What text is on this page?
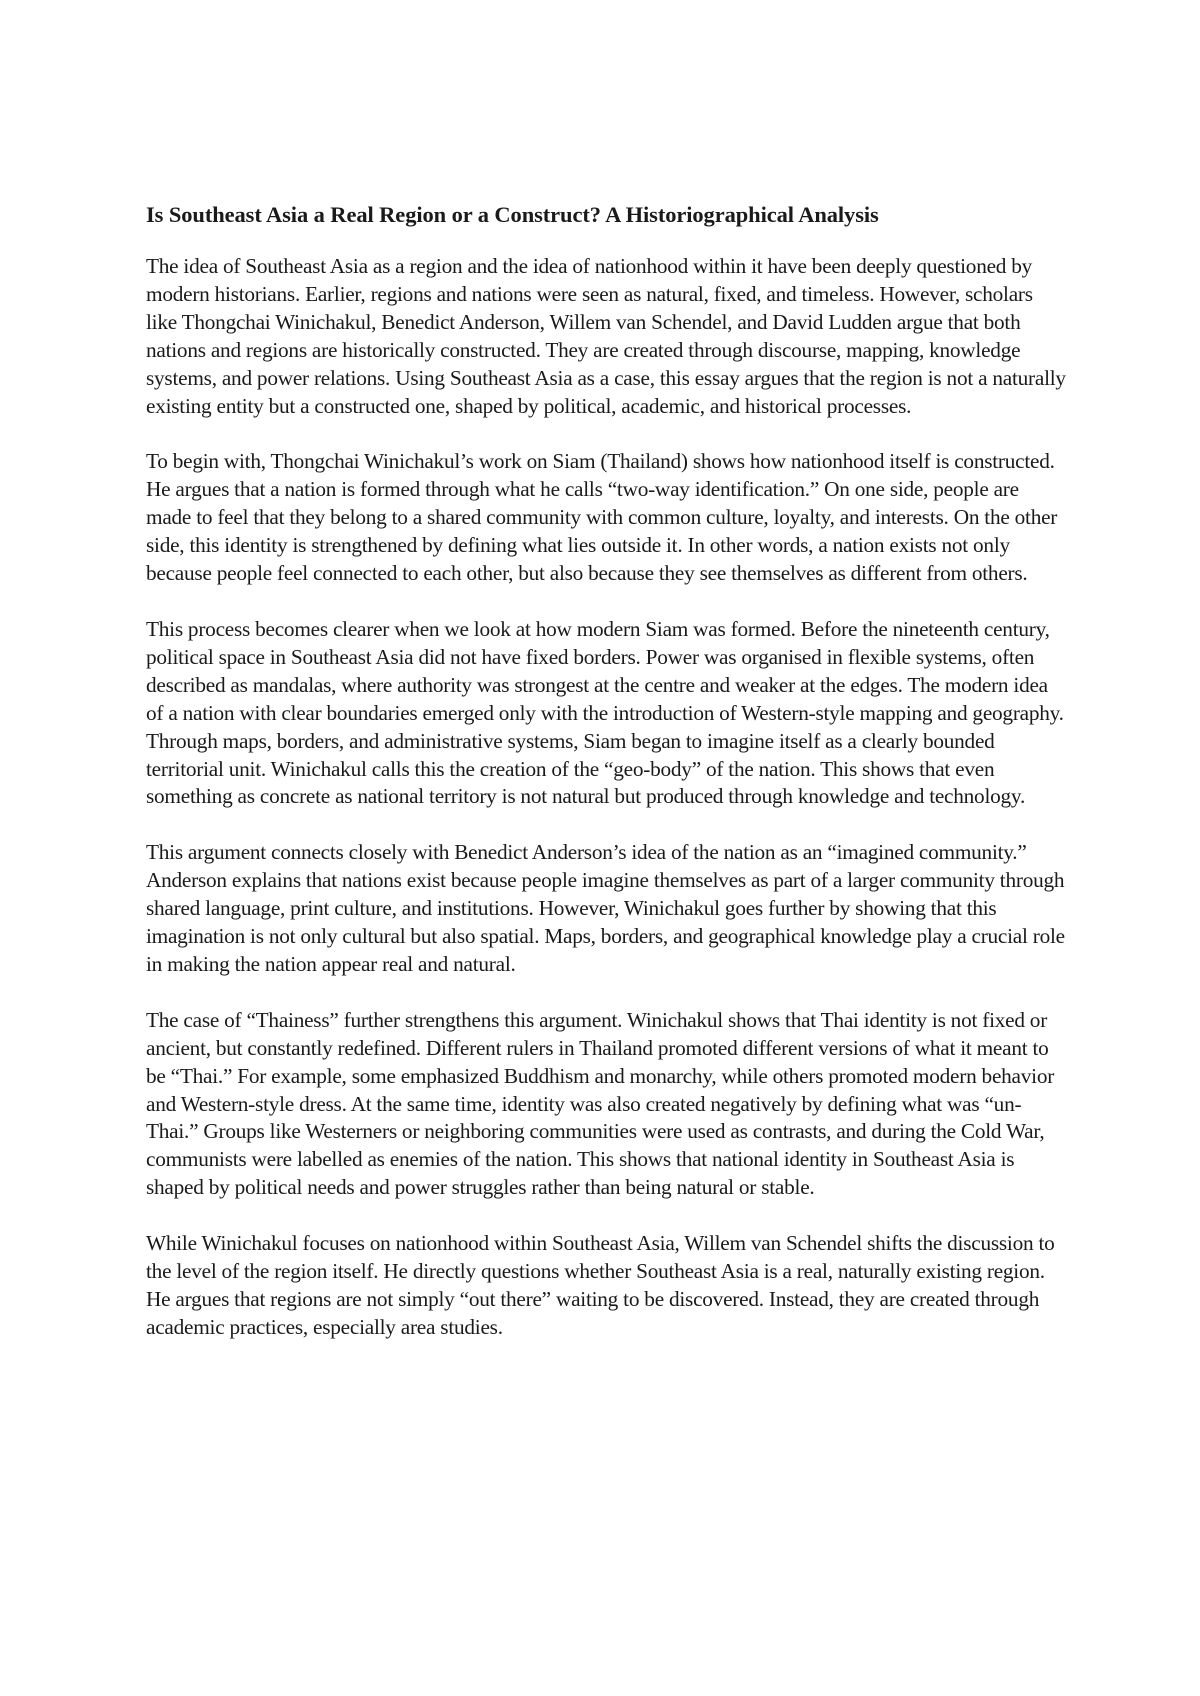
Is Southeast Asia a Real Region or a Construct? A Historiographical Analysis

The idea of Southeast Asia as a region and the idea of nationhood within it have been deeply questioned by modern historians. Earlier, regions and nations were seen as natural, fixed, and timeless. However, scholars like Thongchai Winichakul, Benedict Anderson, Willem van Schendel, and David Ludden argue that both nations and regions are historically constructed. They are created through discourse, mapping, knowledge systems, and power relations. Using Southeast Asia as a case, this essay argues that the region is not a naturally existing entity but a constructed one, shaped by political, academic, and historical processes.

To begin with, Thongchai Winichakul’s work on Siam (Thailand) shows how nationhood itself is constructed. He argues that a nation is formed through what he calls “two-way identification.” On one side, people are made to feel that they belong to a shared community with common culture, loyalty, and interests. On the other side, this identity is strengthened by defining what lies outside it. In other words, a nation exists not only because people feel connected to each other, but also because they see themselves as different from others.

This process becomes clearer when we look at how modern Siam was formed. Before the nineteenth century, political space in Southeast Asia did not have fixed borders. Power was organised in flexible systems, often described as mandalas, where authority was strongest at the centre and weaker at the edges. The modern idea of a nation with clear boundaries emerged only with the introduction of Western-style mapping and geography. Through maps, borders, and administrative systems, Siam began to imagine itself as a clearly bounded territorial unit. Winichakul calls this the creation of the “geo-body” of the nation. This shows that even something as concrete as national territory is not natural but produced through knowledge and technology.

This argument connects closely with Benedict Anderson’s idea of the nation as an “imagined community.” Anderson explains that nations exist because people imagine themselves as part of a larger community through shared language, print culture, and institutions. However, Winichakul goes further by showing that this imagination is not only cultural but also spatial. Maps, borders, and geographical knowledge play a crucial role in making the nation appear real and natural.

The case of “Thainess” further strengthens this argument. Winichakul shows that Thai identity is not fixed or ancient, but constantly redefined. Different rulers in Thailand promoted different versions of what it meant to be “Thai.” For example, some emphasized Buddhism and monarchy, while others promoted modern behavior and Western-style dress. At the same time, identity was also created negatively by defining what was “un-Thai.” Groups like Westerners or neighboring communities were used as contrasts, and during the Cold War, communists were labelled as enemies of the nation. This shows that national identity in Southeast Asia is shaped by political needs and power struggles rather than being natural or stable.

While Winichakul focuses on nationhood within Southeast Asia, Willem van Schendel shifts the discussion to the level of the region itself. He directly questions whether Southeast Asia is a real, naturally existing region. He argues that regions are not simply “out there” waiting to be discovered. Instead, they are created through academic practices, especially area studies.
